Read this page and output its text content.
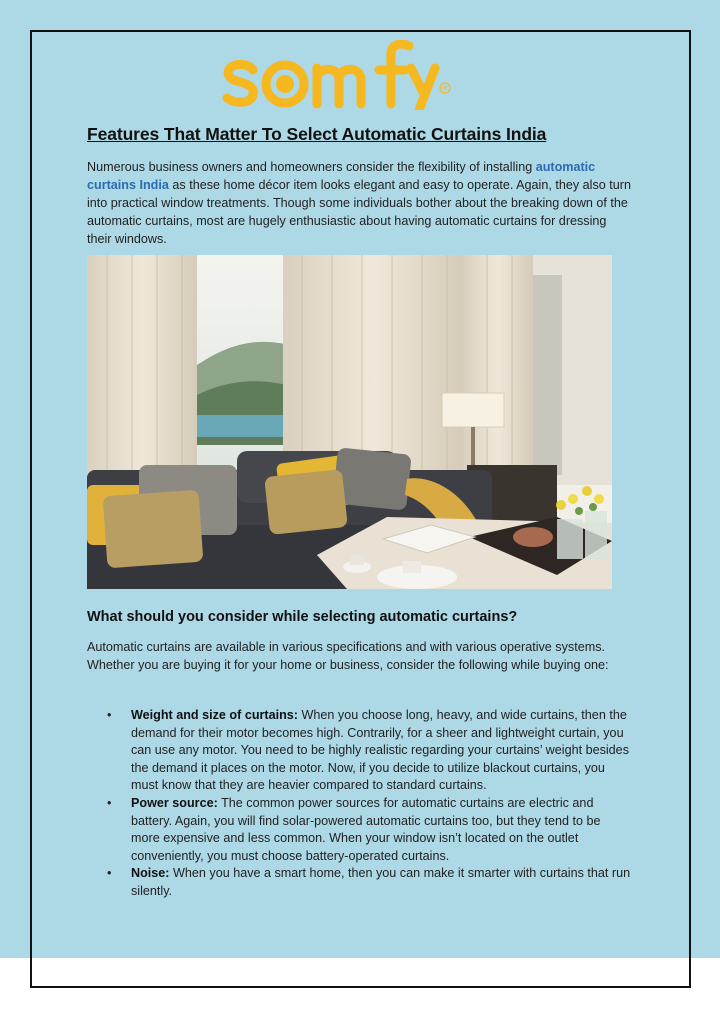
®
Features That Matter To Select Automatic Curtains India

Numerous business owners and homeowners consider the flexibility of installing automatic curtains India as these home décor item looks elegant and easy to operate. Again, they also turn into practical window treatments. Though some individuals bother about the breaking down of the automatic curtains, most are hugely enthusiastic about having automatic curtains for dressing their windows.

What should you consider while selecting automatic curtains?

Automatic curtains are available in various specifications and with various operative systems. Whether you are buying it for your home or business, consider the following while buying one:

• Weight and size of curtains: When you choose long, heavy, and wide curtains, then the demand for their motor becomes high. Contrarily, for a sheer and lightweight curtain, you can use any motor. You need to be highly realistic regarding your curtains’ weight besides the demand it places on the motor. Now, if you decide to utilize blackout curtains, you must know that they are heavier compared to standard curtains.
• Power source: The common power sources for automatic curtains are electric and battery. Again, you will find solar-powered automatic curtains too, but they tend to be more expensive and less common. When your window isn’t located on the outlet conveniently, you must choose battery-operated curtains.
• Noise: When you have a smart home, then you can make it smarter with curtains that run silently.
